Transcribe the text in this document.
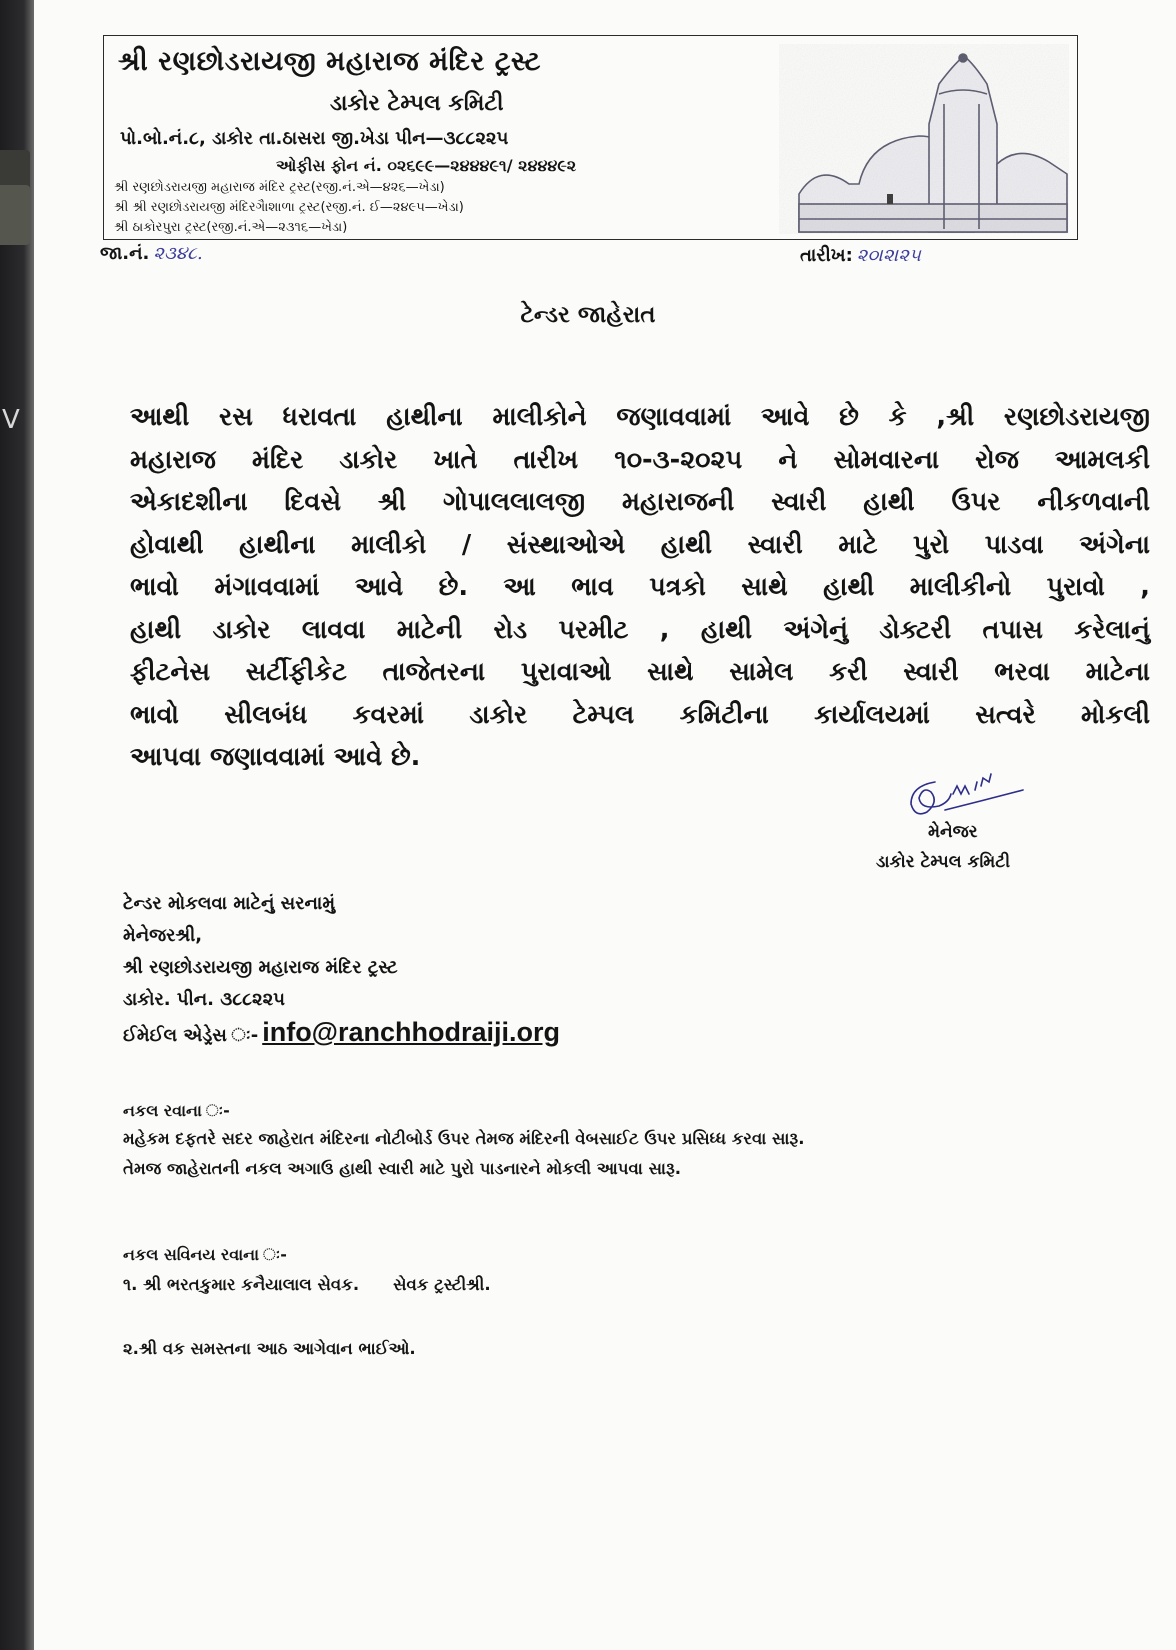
V
શ્રી રણછોડરાયજી મહારાજ મંદિર ટ્રસ્ટ
ડાકોર ટેમ્પલ કમિટી
પો.બો.નં.૮, ડાકોર તા.ઠાસરા જી.ખેડા પીન—૩૮૮૨૨૫
ઓફીસ ફોન નં. ૦૨૬૯૯—૨૪૪૪૯૧/ ૨૪૪૪૯૨
શ્રી રણછોડરાયજી મહારાજ મંદિર ટ્રસ્ટ(રજી.નં.એ—૪૨૬—ખેડા)
શ્રી શ્રી રણછોડરાયજી મંદિરગૈાશાળા ટ્રસ્ટ(રજી.નં. ઈ—૨૪૯૫—ખેડા)
શ્રી ઠાકોરપુરા ટ્રસ્ટ(રજી.નં.એ—૨૩૧૬—ખેડા)
જા.નં. ૨૩૪૮.	તારીખ: ૨૦।૨।૨૫
ટેન્ડર જાહેરાત
આથી રસ ધરાવતા હાથીના માલીકોને જણાવવામાં આવે છે કે ,શ્રી રણછોડરાયજી
મહારાજ મંદિર ડાકોર ખાતે તારીખ ૧૦-૩-૨૦૨૫ ને સોમવારના રોજ આમલકી
એકાદશીના દિવસે શ્રી ગોપાલલાલજી મહારાજની સ્વારી હાથી ઉપર નીકળવાની
હોવાથી હાથીના માલીકો / સંસ્થાઓએ હાથી સ્વારી માટે પુરો પાડવા અંગેના
ભાવો મંગાવવામાં આવે છે. આ ભાવ પત્રકો સાથે હાથી માલીકીનો પુરાવો ,
હાથી ડાકોર લાવવા માટેની રોડ પરમીટ , હાથી અંગેનું ડોક્ટરી તપાસ કરેલાનું
ફીટનેસ સર્ટીફીકેટ તાજેતરના પુરાવાઓ સાથે સામેલ કરી સ્વારી ભરવા માટેના
ભાવો સીલબંધ કવરમાં ડાકોર ટેમ્પલ કમિટીના કાર્યાલયમાં સત્વરે મોકલી
આપવા જણાવવામાં આવે છે.
મેનેજર
ડાકોર ટેમ્પલ કમિટી
ટેન્ડર મોકલવા માટેનું સરનામું
મેનેજરશ્રી,
શ્રી રણછોડરાયજી મહારાજ મંદિર ટ્રસ્ટ
ડાકોર. પીન. ૩૮૮૨૨૫
ઈમેઈલ એડ્રેસ ઃ- info@ranchhodraiji.org
નકલ રવાના ઃ-
મહેકમ દફતરે સદર જાહેરાત મંદિરના નોટીબોર્ડ ઉપર તેમજ મંદિરની વેબસાઈટ ઉપર પ્રસિધ્ધ કરવા સારૂ.
તેમજ જાહેરાતની નકલ અગાઉ હાથી સ્વારી માટે પુરો પાડનારને મોકલી આપવા સારૂ.
નકલ સવિનય રવાના ઃ-
૧. શ્રી ભરતકુમાર કનૈયાલાલ સેવક. સેવક ટ્રસ્ટીશ્રી.
૨.શ્રી વક સમસ્તના આઠ આગેવાન ભાઈઓ.
